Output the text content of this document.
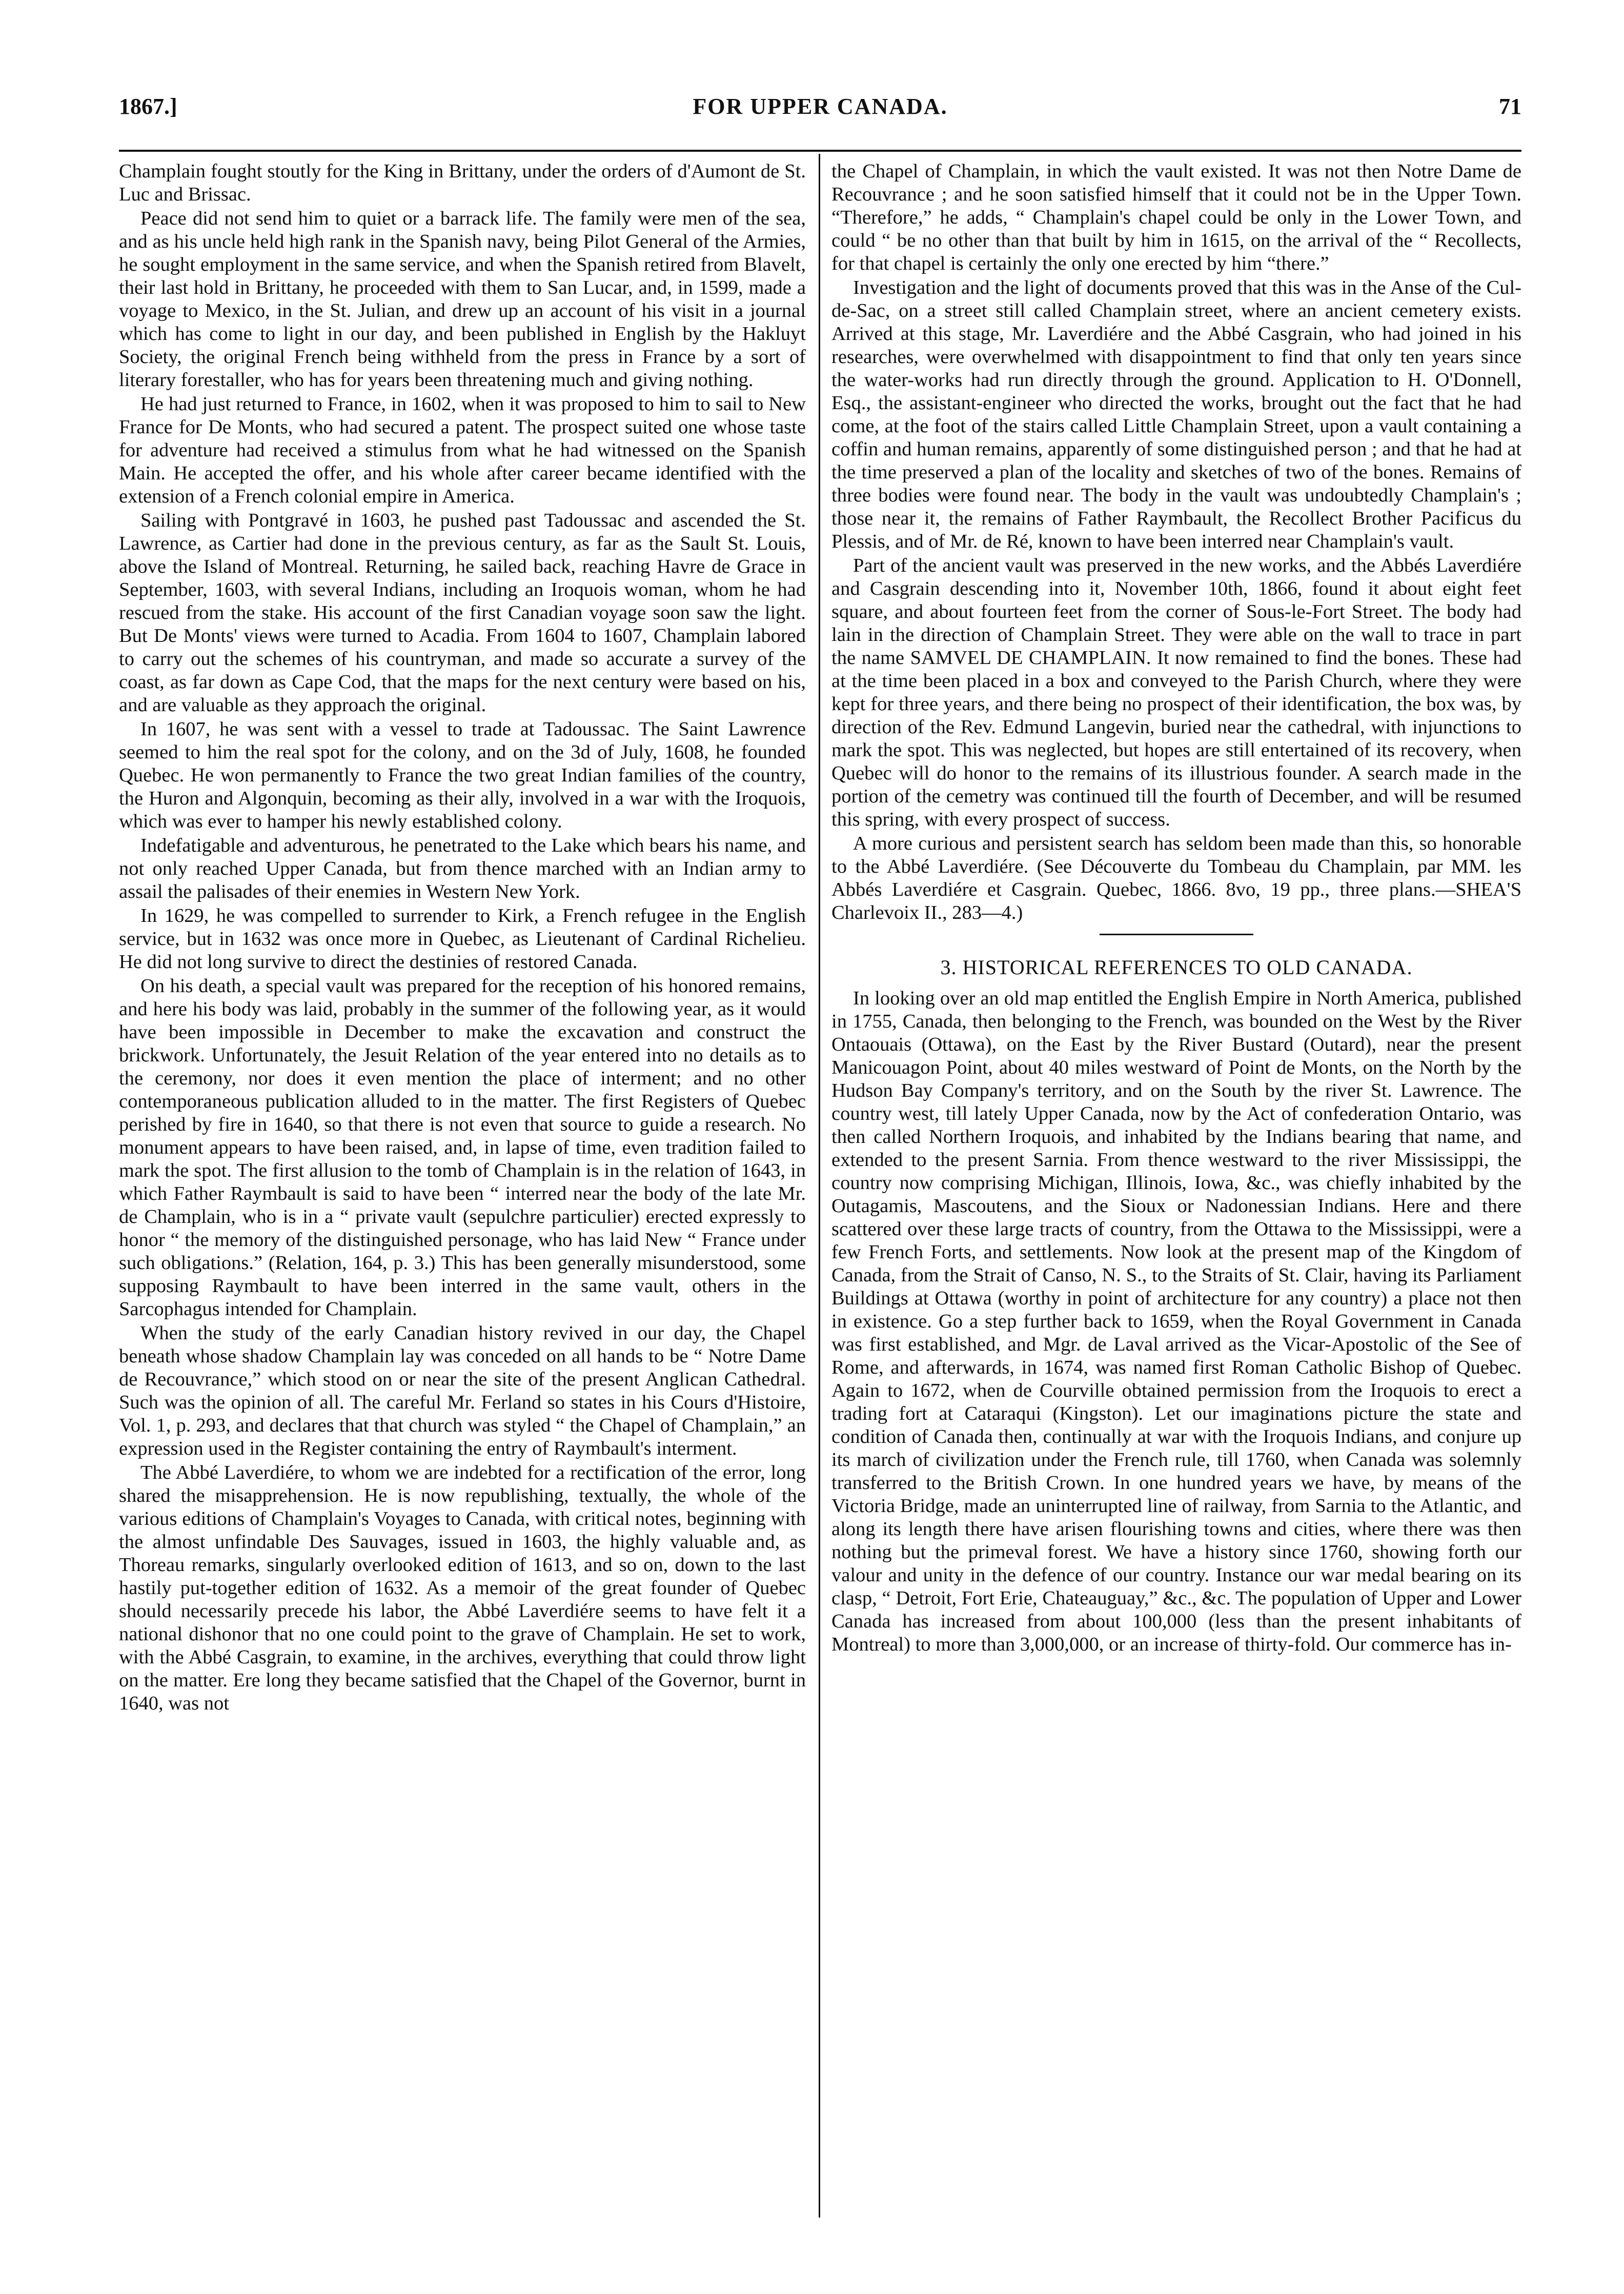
1867.]	FOR UPPER CANADA.	71

Champlain fought stoutly for the King in Brittany, under the orders of d'Aumont de St. Luc and Brissac.

Peace did not send him to quiet or a barrack life. The family were men of the sea, and as his uncle held high rank in the Spanish navy, being Pilot General of the Armies, he sought employment in the same service, and when the Spanish retired from Blavelt, their last hold in Brittany, he proceeded with them to San Lucar, and, in 1599, made a voyage to Mexico, in the St. Julian, and drew up an account of his visit in a journal which has come to light in our day, and been published in English by the Hakluyt Society, the original French being withheld from the press in France by a sort of literary forestaller, who has for years been threatening much and giving nothing.

He had just returned to France, in 1602, when it was proposed to him to sail to New France for De Monts, who had secured a patent. The prospect suited one whose taste for adventure had received a stimulus from what he had witnessed on the Spanish Main. He accepted the offer, and his whole after career became identified with the extension of a French colonial empire in America.

Sailing with Pontgravé in 1603, he pushed past Tadoussac and ascended the St. Lawrence, as Cartier had done in the previous century, as far as the Sault St. Louis, above the Island of Montreal. Returning, he sailed back, reaching Havre de Grace in September, 1603, with several Indians, including an Iroquois woman, whom he had rescued from the stake. His account of the first Canadian voyage soon saw the light. But De Monts' views were turned to Acadia. From 1604 to 1607, Champlain labored to carry out the schemes of his countryman, and made so accurate a survey of the coast, as far down as Cape Cod, that the maps for the next century were based on his, and are valuable as they approach the original.

In 1607, he was sent with a vessel to trade at Tadoussac. The Saint Lawrence seemed to him the real spot for the colony, and on the 3d of July, 1608, he founded Quebec. He won permanently to France the two great Indian families of the country, the Huron and Algonquin, becoming as their ally, involved in a war with the Iroquois, which was ever to hamper his newly established colony.

Indefatigable and adventurous, he penetrated to the Lake which bears his name, and not only reached Upper Canada, but from thence marched with an Indian army to assail the palisades of their enemies in Western New York.

In 1629, he was compelled to surrender to Kirk, a French refugee in the English service, but in 1632 was once more in Quebec, as Lieutenant of Cardinal Richelieu. He did not long survive to direct the destinies of restored Canada.

On his death, a special vault was prepared for the reception of his honored remains, and here his body was laid, probably in the summer of the following year, as it would have been impossible in December to make the excavation and construct the brickwork. Unfortunately, the Jesuit Relation of the year entered into no details as to the ceremony, nor does it even mention the place of interment; and no other contemporaneous publication alluded to in the matter. The first Registers of Quebec perished by fire in 1640, so that there is not even that source to guide a research. No monument appears to have been raised, and, in lapse of time, even tradition failed to mark the spot. The first allusion to the tomb of Champlain is in the relation of 1643, in which Father Raymbault is said to have been “ interred near the body of the late Mr. de Champlain, who is in a “ private vault (sepulchre particulier) erected expressly to honor “ the memory of the distinguished personage, who has laid New “ France under such obligations.” (Relation, 164, p. 3.) This has been generally misunderstood, some supposing Raymbault to have been interred in the same vault, others in the Sarcophagus intended for Champlain.

When the study of the early Canadian history revived in our day, the Chapel beneath whose shadow Champlain lay was conceded on all hands to be “ Notre Dame de Recouvrance,” which stood on or near the site of the present Anglican Cathedral. Such was the opinion of all. The careful Mr. Ferland so states in his Cours d'Histoire, Vol. 1, p. 293, and declares that that church was styled “ the Chapel of Champlain,” an expression used in the Register containing the entry of Raymbault's interment.

The Abbé Laverdiére, to whom we are indebted for a rectification of the error, long shared the misapprehension. He is now republishing, textually, the whole of the various editions of Champlain's Voyages to Canada, with critical notes, beginning with the almost unfindable Des Sauvages, issued in 1603, the highly valuable and, as Thoreau remarks, singularly overlooked edition of 1613, and so on, down to the last hastily put-together edition of 1632. As a memoir of the great founder of Quebec should necessarily precede his labor, the Abbé Laverdiére seems to have felt it a national dishonor that no one could point to the grave of Champlain. He set to work, with the Abbé Casgrain, to examine, in the archives, everything that could throw light on the matter. Ere long they became satisfied that the Chapel of the Governor, burnt in 1640, was not

the Chapel of Champlain, in which the vault existed. It was not then Notre Dame de Recouvrance ; and he soon satisfied himself that it could not be in the Upper Town. “Therefore,” he adds, “ Champlain's chapel could be only in the Lower Town, and could “ be no other than that built by him in 1615, on the arrival of the “ Recollects, for that chapel is certainly the only one erected by him “there.”

Investigation and the light of documents proved that this was in the Anse of the Cul-de-Sac, on a street still called Champlain street, where an ancient cemetery exists. Arrived at this stage, Mr. Laverdiére and the Abbé Casgrain, who had joined in his researches, were overwhelmed with disappointment to find that only ten years since the water-works had run directly through the ground. Application to H. O'Donnell, Esq., the assistant-engineer who directed the works, brought out the fact that he had come, at the foot of the stairs called Little Champlain Street, upon a vault containing a coffin and human remains, apparently of some distinguished person ; and that he had at the time preserved a plan of the locality and sketches of two of the bones. Remains of three bodies were found near. The body in the vault was undoubtedly Champlain's ; those near it, the remains of Father Raymbault, the Recollect Brother Pacificus du Plessis, and of Mr. de Ré, known to have been interred near Champlain's vault.

Part of the ancient vault was preserved in the new works, and the Abbés Laverdiére and Casgrain descending into it, November 10th, 1866, found it about eight feet square, and about fourteen feet from the corner of Sous-le-Fort Street. The body had lain in the direction of Champlain Street. They were able on the wall to trace in part the name SAMVEL DE CHAMPLAIN. It now remained to find the bones. These had at the time been placed in a box and conveyed to the Parish Church, where they were kept for three years, and there being no prospect of their identification, the box was, by direction of the Rev. Edmund Langevin, buried near the cathedral, with injunctions to mark the spot. This was neglected, but hopes are still entertained of its recovery, when Quebec will do honor to the remains of its illustrious founder. A search made in the portion of the cemetry was continued till the fourth of December, and will be resumed this spring, with every prospect of success.

A more curious and persistent search has seldom been made than this, so honorable to the Abbé Laverdiére. (See Découverte du Tombeau du Champlain, par MM. les Abbés Laverdiére et Casgrain. Quebec, 1866. 8vo, 19 pp., three plans.—SHEA'S Charlevoix II., 283—4.)

3. HISTORICAL REFERENCES TO OLD CANADA.

In looking over an old map entitled the English Empire in North America, published in 1755, Canada, then belonging to the French, was bounded on the West by the River Ontaouais (Ottawa), on the East by the River Bustard (Outard), near the present Manicouagon Point, about 40 miles westward of Point de Monts, on the North by the Hudson Bay Company's territory, and on the South by the river St. Lawrence. The country west, till lately Upper Canada, now by the Act of confederation Ontario, was then called Northern Iroquois, and inhabited by the Indians bearing that name, and extended to the present Sarnia. From thence westward to the river Mississippi, the country now comprising Michigan, Illinois, Iowa, &c., was chiefly inhabited by the Outagamis, Mascoutens, and the Sioux or Nadonessian Indians. Here and there scattered over these large tracts of country, from the Ottawa to the Mississippi, were a few French Forts, and settlements. Now look at the present map of the Kingdom of Canada, from the Strait of Canso, N. S., to the Straits of St. Clair, having its Parliament Buildings at Ottawa (worthy in point of architecture for any country) a place not then in existence. Go a step further back to 1659, when the Royal Government in Canada was first established, and Mgr. de Laval arrived as the Vicar-Apostolic of the See of Rome, and afterwards, in 1674, was named first Roman Catholic Bishop of Quebec. Again to 1672, when de Courville obtained permission from the Iroquois to erect a trading fort at Cataraqui (Kingston). Let our imaginations picture the state and condition of Canada then, continually at war with the Iroquois Indians, and conjure up its march of civilization under the French rule, till 1760, when Canada was solemnly transferred to the British Crown. In one hundred years we have, by means of the Victoria Bridge, made an uninterrupted line of railway, from Sarnia to the Atlantic, and along its length there have arisen flourishing towns and cities, where there was then nothing but the primeval forest. We have a history since 1760, showing forth our valour and unity in the defence of our country. Instance our war medal bearing on its clasp, “ Detroit, Fort Erie, Chateauguay,” &c., &c. The population of Upper and Lower Canada has increased from about 100,000 (less than the present inhabitants of Montreal) to more than 3,000,000, or an increase of thirty-fold. Our commerce has in-
